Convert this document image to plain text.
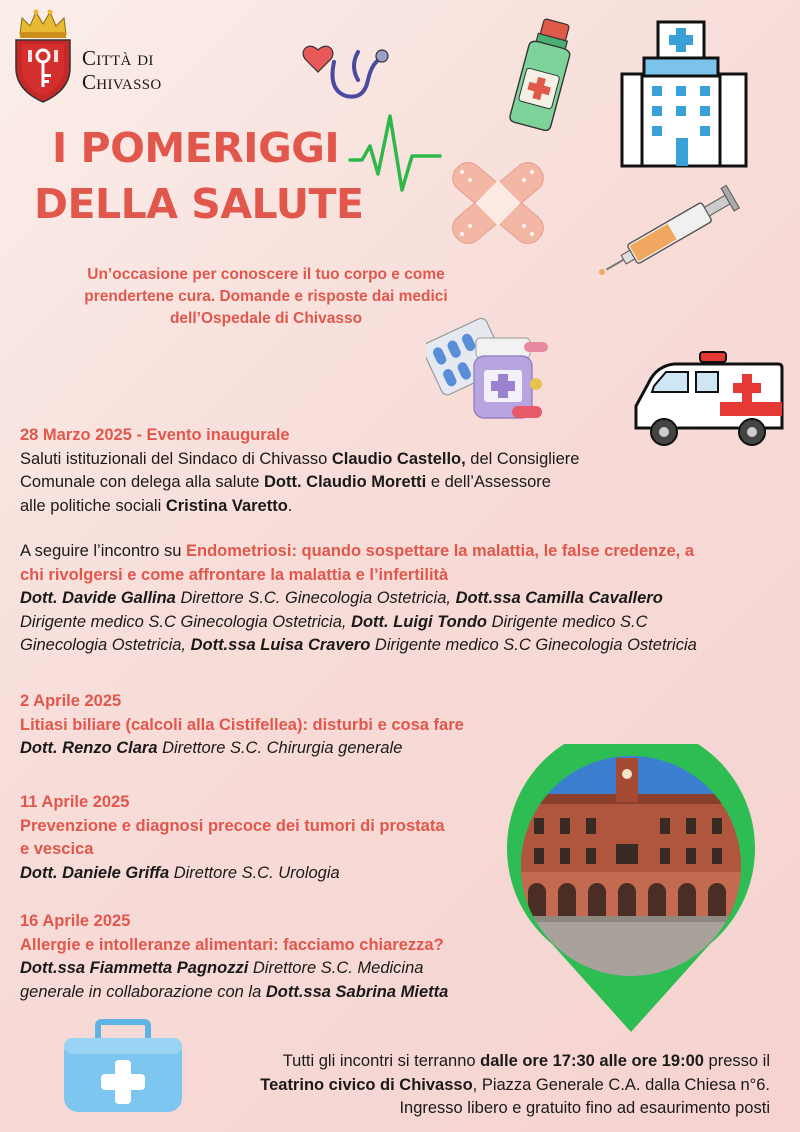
Città di
Chivasso
I POMERIGGI
DELLA SALUTE
Un’occasione per conoscere il tuo corpo e come
prendertene cura. Domande e risposte dai medici
dell’Ospedale di Chivasso
28 Marzo 2025 - Evento inaugurale
Saluti istituzionali del Sindaco di Chivasso Claudio Castello, del Consigliere
Comunale con delega alla salute Dott. Claudio Moretti e dell’Assessore
alle politiche sociali Cristina Varetto.
A seguire l’incontro su Endometriosi: quando sospettare la malattia, le false credenze, a
chi rivolgersi e come affrontare la malattia e l’infertilità
Dott. Davide Gallina Direttore S.C. Ginecologia Ostetricia, Dott.ssa Camilla Cavallero
Dirigente medico S.C Ginecologia Ostetricia, Dott. Luigi Tondo Dirigente medico S.C
Ginecologia Ostetricia, Dott.ssa Luisa Cravero Dirigente medico S.C Ginecologia Ostetricia
2 Aprile 2025
Litiasi biliare (calcoli alla Cistifellea): disturbi e cosa fare
Dott. Renzo Clara Direttore S.C. Chirurgia generale
11 Aprile 2025
Prevenzione e diagnosi precoce dei tumori di prostata
e vescica
Dott. Daniele Griffa Direttore S.C. Urologia
16 Aprile 2025
Allergie e intolleranze alimentari: facciamo chiarezza?
Dott.ssa Fiammetta Pagnozzi Direttore S.C. Medicina
generale in collaborazione con la Dott.ssa Sabrina Mietta
Tutti gli incontri si terranno dalle ore 17:30 alle ore 19:00 presso il
Teatrino civico di Chivasso, Piazza Generale C.A. dalla Chiesa n°6.
Ingresso libero e gratuito fino ad esaurimento posti
